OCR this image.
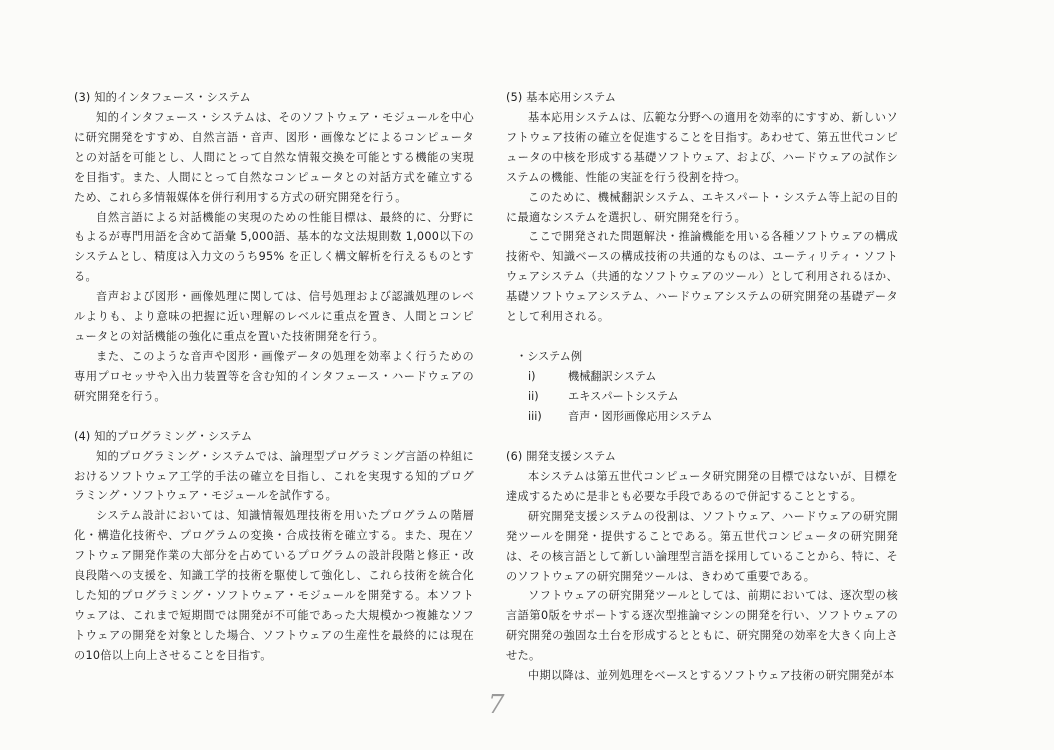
(3) 知的インタフェース・システム

知的インタフェース・システムは、そのソフトウェア・モジュールを中心に研究開発をすすめ、自然言語・音声、図形・画像などによるコンピュータとの対話を可能とし、人間にとって自然な情報交換を可能とする機能の実現を目指す。また、人間にとって自然なコンピュータとの対話方式を確立するため、これら多情報媒体を併行利用する方式の研究開発を行う。

自然言語による対話機能の実現のための性能目標は、最終的に、分野にもよるが専門用語を含めて語彙 5,000語、基本的な文法規則数 1,000以下のシステムとし、精度は入力文のうち95% を正しく構文解析を行えるものとする。

音声および図形・画像処理に関しては、信号処理および認識処理のレベルよりも、より意味の把握に近い理解のレベルに重点を置き、人間とコンピュータとの対話機能の強化に重点を置いた技術開発を行う。

また、このような音声や図形・画像データの処理を効率よく行うための専用プロセッサや入出力装置等を含む知的インタフェース・ハードウェアの研究開発を行う。

(4) 知的プログラミング・システム

知的プログラミング・システムでは、論理型プログラミング言語の枠組におけるソフトウェア工学的手法の確立を目指し、これを実現する知的プログラミング・ソフトウェア・モジュールを試作する。

システム設計においては、知識情報処理技術を用いたプログラムの階層化・構造化技術や、プログラムの変換・合成技術を確立する。また、現在ソフトウェア開発作業の大部分を占めているプログラムの設計段階と修正・改良段階への支援を、知識工学的技術を駆使して強化し、これら技術を統合化した知的プログラミング・ソフトウェア・モジュールを開発する。本ソフトウェアは、これまで短期間では開発が不可能であった大規模かつ複雑なソフトウェアの開発を対象とした場合、ソフトウェアの生産性を最終的には現在の10倍以上向上させることを目指す。

(5) 基本応用システム

基本応用システムは、広範な分野への適用を効率的にすすめ、新しいソフトウェア技術の確立を促進することを目指す。あわせて、第五世代コンピュータの中核を形成する基礎ソフトウェア、および、ハードウェアの試作システムの機能、性能の実証を行う役割を持つ。

このために、機械翻訳システム、エキスパート・システム等上記の目的に最適なシステムを選択し、研究開発を行う。

ここで開発された問題解決・推論機能を用いる各種ソフトウェアの構成技術や、知識ベースの構成技術の共通的なものは、ユーティリティ・ソフトウェアシステム（共通的なソフトウェアのツール）として利用されるほか、基礎ソフトウェアシステム、ハードウェアシステムの研究開発の基礎データとして利用される。

・システム例
i)	機械翻訳システム
ii)	エキスパートシステム
iii) 音声・図形画像応用システム
(6) 開発支援システム

本システムは第五世代コンピュータ研究開発の目標ではないが、目標を達成するために是非とも必要な手段であるので併記することとする。

研究開発支援システムの役割は、ソフトウェア、ハードウェアの研究開発ツールを開発・提供することである。第五世代コンピュータの研究開発は、その核言語として新しい論理型言語を採用していることから、特に、そのソフトウェアの研究開発ツールは、きわめて重要である。

ソフトウェアの研究開発ツールとしては、前期においては、逐次型の核言語第0版をサポートする逐次型推論マシンの開発を行い、ソフトウェアの研究開発の強固な土台を形成するとともに、研究開発の効率を大きく向上させた。

中期以降は、並列処理をベースとするソフトウェア技術の研究開発が本

7
